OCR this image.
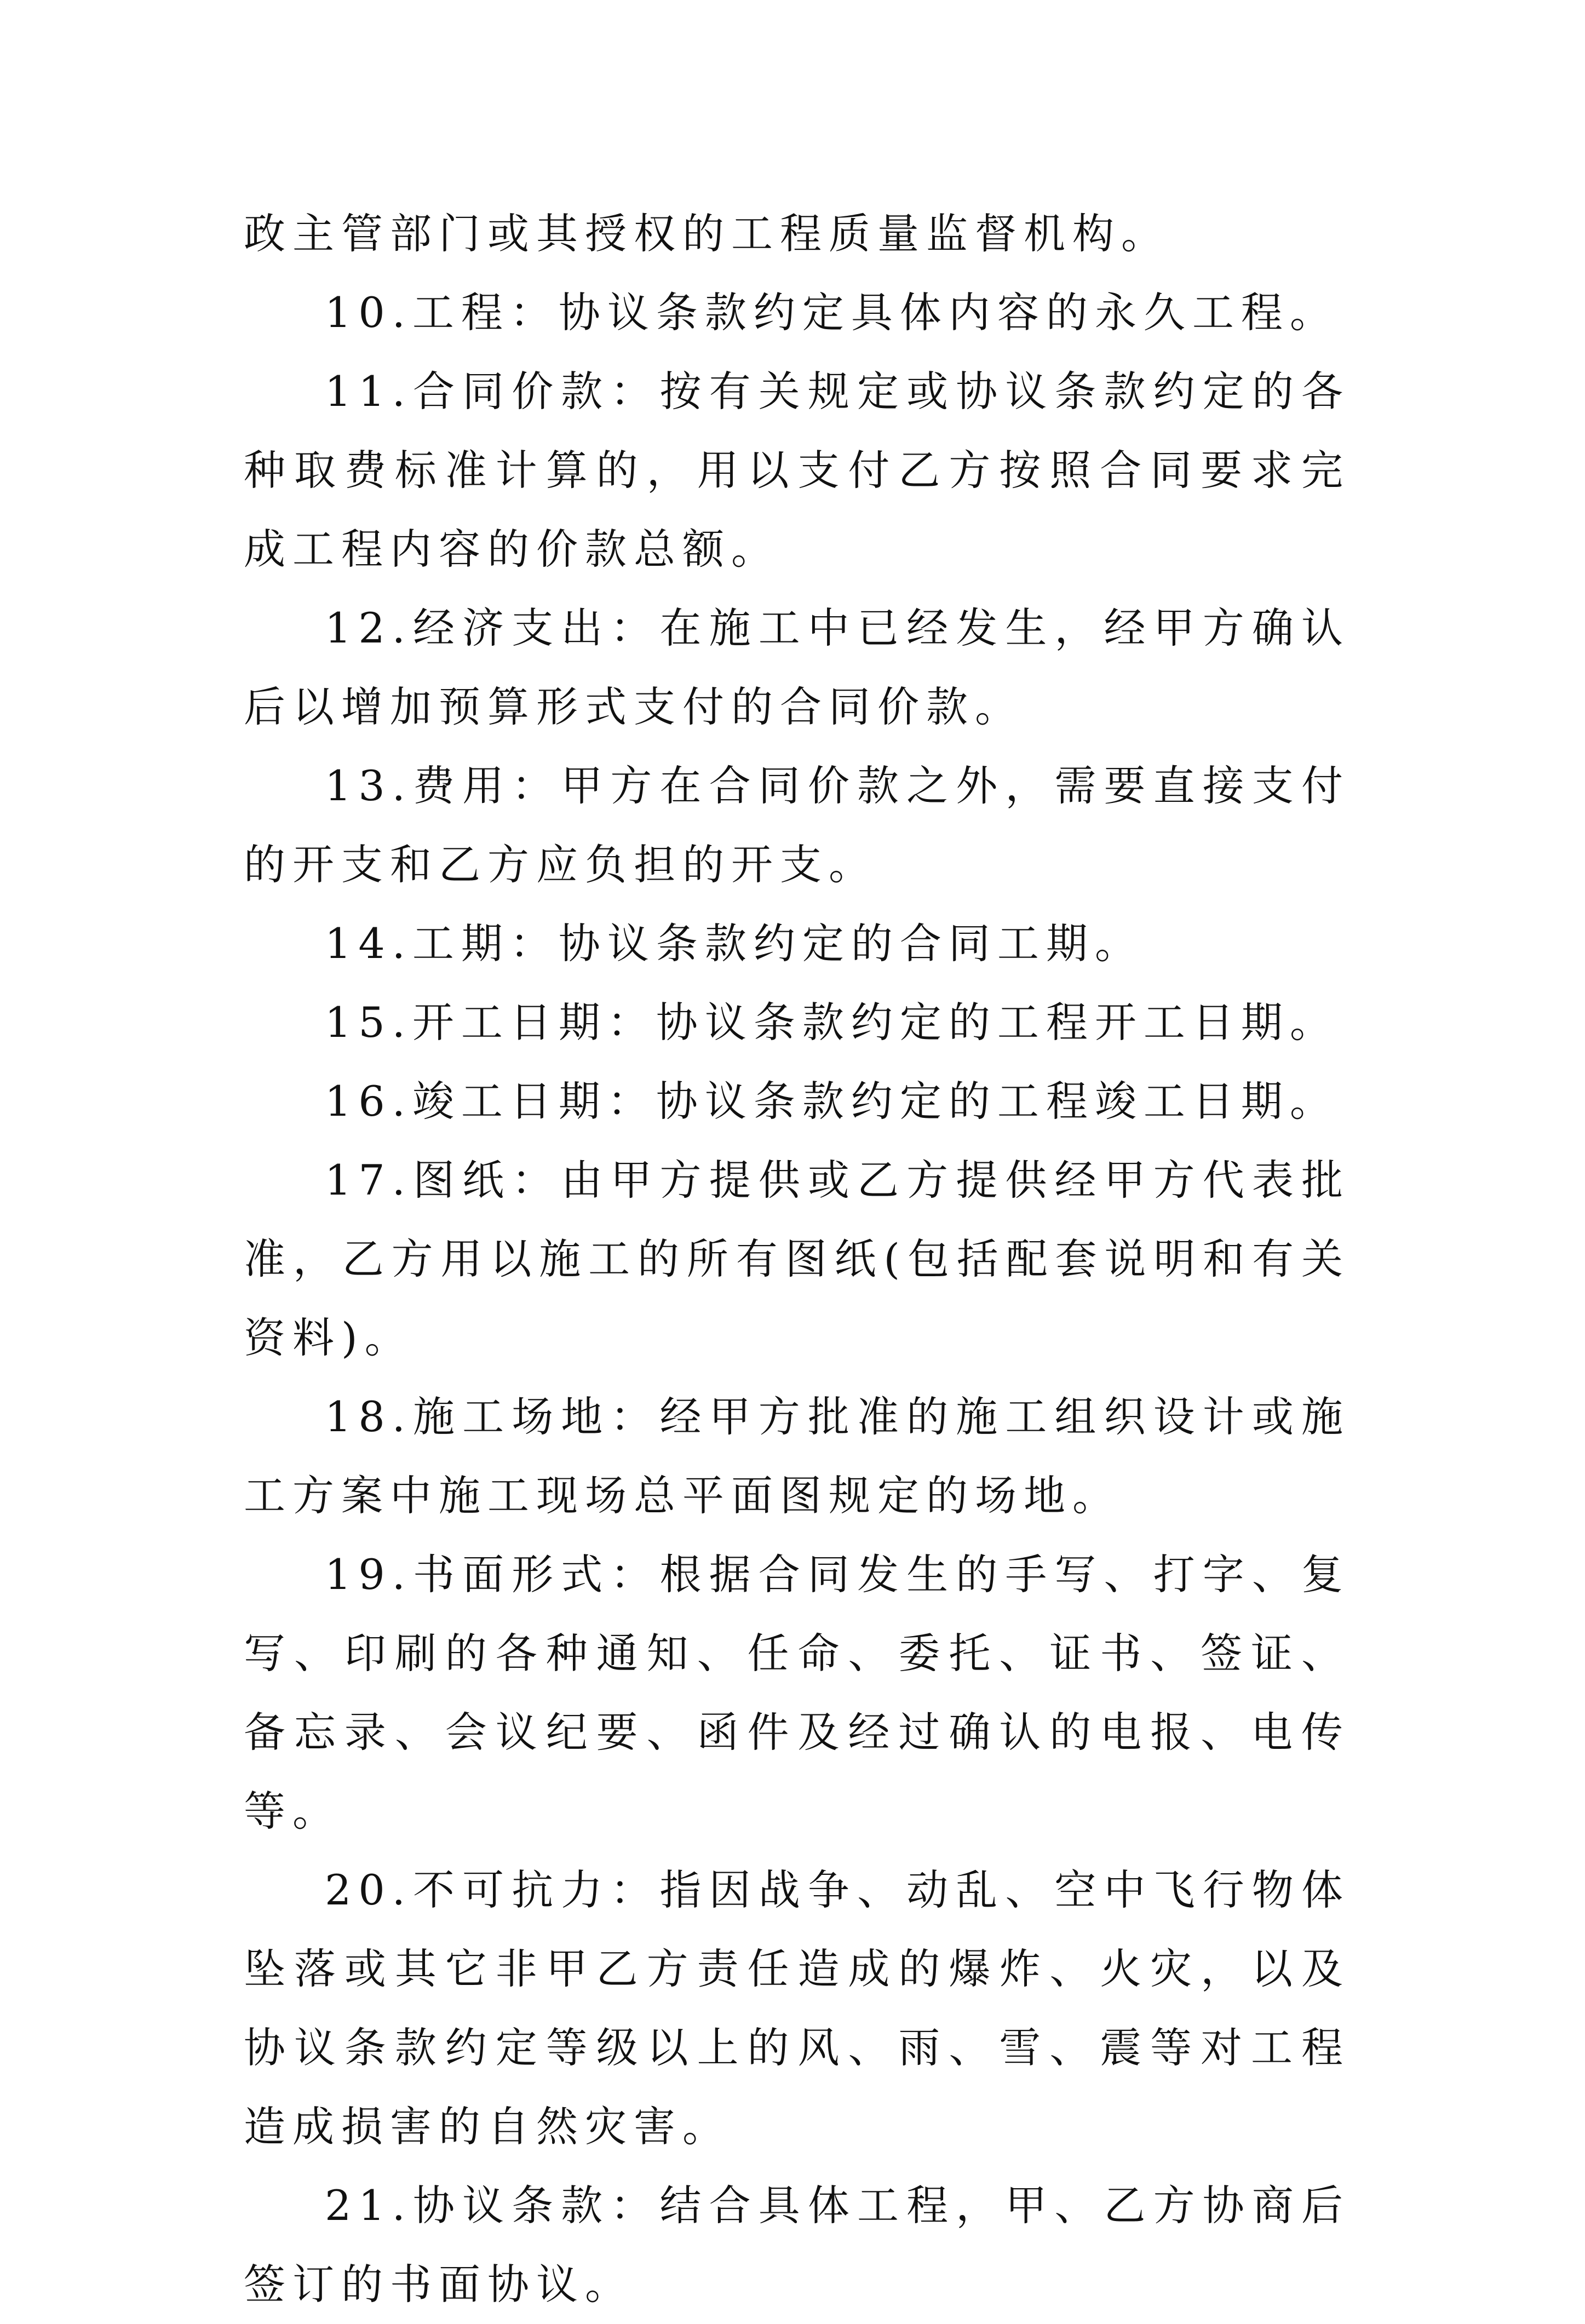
政主管部门或其授权的工程质量监督机构。

10.工程：协议条款约定具体内容的永久工程。

11.合同价款：按有关规定或协议条款约定的各种取费标准计算的，用以支付乙方按照合同要求完成工程内容的价款总额。

12.经济支出：在施工中已经发生，经甲方确认后以增加预算形式支付的合同价款。

13.费用：甲方在合同价款之外，需要直接支付的开支和乙方应负担的开支。

14.工期：协议条款约定的合同工期。

15.开工日期：协议条款约定的工程开工日期。

16.竣工日期：协议条款约定的工程竣工日期。

17.图纸：由甲方提供或乙方提供经甲方代表批准，乙方用以施工的所有图纸(包括配套说明和有关资料)。

18.施工场地：经甲方批准的施工组织设计或施工方案中施工现场总平面图规定的场地。

19.书面形式：根据合同发生的手写、打字、复写、印刷的各种通知、任命、委托、证书、签证、备忘录、会议纪要、函件及经过确认的电报、电传等。

20.不可抗力：指因战争、动乱、空中飞行物体坠落或其它非甲乙方责任造成的爆炸、火灾，以及协议条款约定等级以上的风、雨、雪、震等对工程造成损害的自然灾害。

21.协议条款：结合具体工程，甲、乙方协商后签订的书面协议。
